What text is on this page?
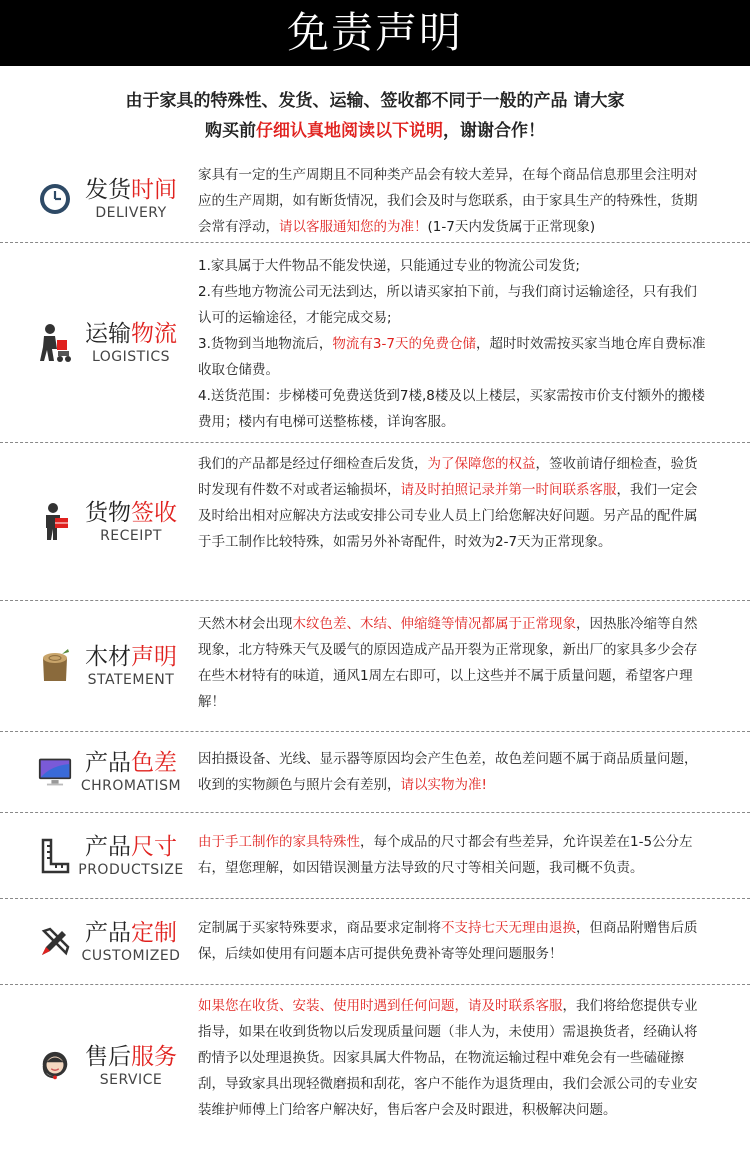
免责声明
由于家具的特殊性、发货、运输、签收都不同于一般的产品 请大家
购买前仔细认真地阅读以下说明，谢谢合作！
发货时间
DELIVERY
家具有一定的生产周期且不同种类产品会有较大差异，在每个商品信息那里会注明对应的生产周期，如有断货情况，我们会及时与您联系，由于家具生产的特殊性，货期会常有浮动，请以客服通知您的为准！(1-7天内发货属于正常现象)
运输物流
LOGISTICS

1.家具属于大件物品不能发快递，只能通过专业的物流公司发货;

2.有些地方物流公司无法到达，所以请买家拍下前，与我们商讨运输途径，只有我们认可的运输途径，才能完成交易;

3.货物到当地物流后，物流有3-7天的免费仓储，超时时效需按买家当地仓库自费标准收取仓储费。

4.送货范围：步梯楼可免费送货到7楼,8楼及以上楼层，买家需按市价支付额外的搬楼费用；楼内有电梯可送整栋楼，详询客服。

货物签收
RECEIPT
我们的产品都是经过仔细检查后发货，为了保障您的权益，签收前请仔细检查，验货时发现有件数不对或者运输损坏，请及时拍照记录并第一时间联系客服，我们一定会及时给出相对应解决方法或安排公司专业人员上门给您解决好问题。另产品的配件属于手工制作比较特殊，如需另外补寄配件，时效为2-7天为正常现象。
木材声明
STATEMENT
天然木材会出现木纹色差、木结、伸缩缝等情况都属于正常现象，因热胀冷缩等自然现象，北方特殊天气及暖气的原因造成产品开裂为正常现象，新出厂的家具多少会存在些木材特有的味道，通风1周左右即可，以上这些并不属于质量问题，希望客户理解！
产品色差
CHROMATISM
因拍摄设备、光线、显示器等原因均会产生色差，故色差问题不属于商品质量问题，收到的实物颜色与照片会有差别，请以实物为准!
产品尺寸
PRODUCTSIZE
由于手工制作的家具特殊性，每个成品的尺寸都会有些差异，允许误差在1-5公分左右，望您理解，如因错误测量方法导致的尺寸等相关问题，我司概不负责。
产品定制
CUSTOMIZED
定制属于买家特殊要求，商品要求定制将不支持七天无理由退换，但商品附赠售后质保，后续如使用有问题本店可提供免费补寄等处理问题服务！
售后服务
SERVICE
如果您在收货、安装、使用时遇到任何问题，请及时联系客服，我们将给您提供专业指导，如果在收到货物以后发现质量问题（非人为，未使用）需退换货者，经确认将酌情予以处理退换货。因家具属大件物品，在物流运输过程中难免会有一些磕碰擦刮，导致家具出现轻微磨损和刮花，客户不能作为退货理由，我们会派公司的专业安装维护师傅上门给客户解决好，售后客户会及时跟进，积极解决问题。
